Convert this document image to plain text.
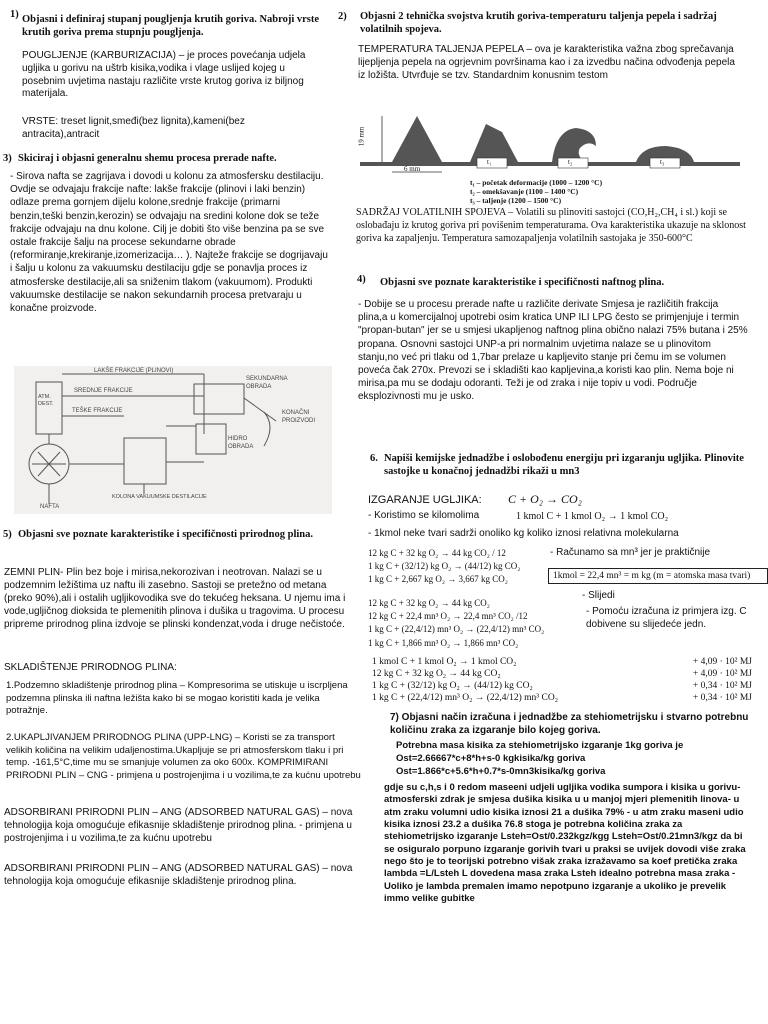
1) Objasni i definiraj stupanj pougljenja krutih goriva. Nabroji vrste krutih goriva prema stupnju pougljenja.
POUGLJENJE (KARBURIZACIJA) – je proces povećanja udjela ugljika u gorivu na uštrb kisika,vodika i vlage uslijed kojeg u posebnim uvjetima nastaju različite vrste krutog goriva iz biljnog materijala.
VRSTE: treset lignit,smeđi(bez lignita),kameni(bez antracita),antracit
3) Skiciraj i objasni generalnu shemu procesa prerade nafte.
- Sirova nafta se zagrijava i dovodi u kolonu za atmosfersku destilaciju. Ovdje se odvajaju frakcije nafte: lakše frakcije (plinovi i laki benzin) odlaze prema gornjem dijelu kolone,srednje frakcije (primarni benzin,teški benzin,kerozin) se odvajaju na sredini kolone dok se teže frakcije odvajaju na dnu kolone. Cilj je dobiti što više benzina pa se sve ostale frakcije šalju na procese sekundarne obrade (reformiranje,krekiranje,izomerizacija… ). Najteže frakcije se dogrijavaju i šalju u kolonu za vakuumsku destilaciju gdje se ponavlja proces iz atmosferske destilacije,ali sa sniženim tlakom (vakuumom). Produkti vakuumske destilacije se nakon sekundarnih procesa pretvaraju u konačne proizvode.
LAKŠE FRAKCIJE (PLINOVI)
ATM. DEST.
SREDNJE FRAKCIJE
TEŠKE FRAKCIJE
SEKUNDARNA OBRADA
KONAČNI PROIZVODI
HIDRO OBRADA
KOLONA VAKUUMSKE DESTILACIJE
NAFTA
5) Objasni sve poznate karakteristike i specifičnosti prirodnog plina.
ZEMNI PLIN- Plin bez boje i mirisa,nekorozivan i neotrovan. Nalazi se u podzemnim ležištima uz naftu ili zasebno. Sastoji se pretežno od metana (preko 90%),ali i ostalih ugljikovodika sve do tekućeg heksana. U njemu ima i vode,ugljičnog dioksida te plemenitih plinova i dušika u tragovima. U procesu pripreme prirodnog plina izdvoje se plinski kondenzat,voda i druge nečistoće.
SKLADIŠTENJE PRIRODNOG PLINA:
1.Podzemno skladištenje prirodnog plina – Kompresorima se utiskuje u iscrpljena podzemna plinska ili naftna ležišta kako bi se mogao koristiti kada je velika potražnje.
2.UKAPLJIVANJEM PRIRODNOG PLINA (UPP-LNG) – Koristi se za transport velikih količina na velikim udaljenostima.Ukapljuje se pri atmosferskom tlaku i pri temp. -161,5°C,time mu se smanjuje volumen za oko 600x. KOMPRIMIRANI PRIRODNI PLIN – CNG - primjena u postrojenjima i u vozilima,te za kućnu upotrebu
ADSORBIRANI PRIRODNI PLIN – ANG (ADSORBED NATURAL GAS) – nova tehnologija koja omogućuje efikasnije skladištenje prirodnog plina. - primjena u postrojenjima i u vozilima,te za kućnu upotrebu
ADSORBIRANI PRIRODNI PLIN – ANG (ADSORBED NATURAL GAS) – nova tehnologija koja omogućuje efikasnije skladištenje prirodnog plina.
2)	Objasni 2 tehnička svojstva krutih goriva-temperaturu taljenja pepela i sadržaj volatilnih spojeva.
TEMPERATURA TALJENJA PEPELA – ova je karakteristika važna zbog sprečavanja lijepljenja pepela na ogrjevnim površinama kao i za izvedbu načina odvođenja pepela iz ložišta. Utvrđuje se tzv. Standardnim konusnim testom
19 mm
6 mm
t₁	t₂	t₃
t₁ – početak deformacije (1000 – 1200 °C)
t₂ – omekšavanje (1100 – 1400 °C)
t₃ – taljenje (1200 – 1500 °C)
SADRŽAJ VOLATILNIH SPOJEVA – Volatili su plinoviti sastojci (CO,H₂,CH₄ i sl.) koji se oslobađaju iz krutog goriva pri povišenim temperaturama. Ova karakteristika ukazuje na sklonost goriva ka zapaljenju. Temperatura samozapaljenja volatilnih sastojaka je 350-600°C
4)	Objasni sve poznate karakteristike i specifičnosti naftnog plina.
- Dobije se u procesu prerade nafte u različite derivate Smjesa je različitih frakcija plina,a u komercijalnoj upotrebi osim kratica UNP ILI LPG često se primjenjuje i termin "propan-butan" jer se u smjesi ukapljenog naftnog plina obično nalazi 75% butana i 25% propana. Osnovni sastojci UNP-a pri normalnim uvjetima nalaze se u plinovitom stanju,no već pri tlaku od 1,7bar prelaze u kapljevito stanje pri čemu im se volumen poveća čak 270x. Prevozi se i skladišti kao kapljevina,a koristi kao plin. Nema boje ni mirisa,pa mu se dodaju odoranti. Teži je od zraka i nije topiv u vodi. Područje eksplozivnosti mu je usko.
6. Napiši kemijske jednadžbe i oslobođenu energiju pri izgaranju ugljika. Plinovite sastojke u konačnoj jednadžbi rikaži u mn3
IZGARANJE UGLJIKA: C + O₂ → CO₂
- Koristimo se kilomolima	1 kmol C + 1 kmol O₂ → 1 kmol CO₂
- 1kmol neke tvari sadrži onoliko kg koliko iznosi relativna molekularna
12 kg C + 32 kg O₂ → 44 kg CO₂ / 12
1 kg C + (32/12) kg O₂ → (44/12) kg CO₂
1 kg C + 2,667 kg O₂ → 3,667 kg CO₂
- Računamo sa mn³ jer je praktičnije
1kmol = 22,4 mn³ = m kg (m = atomska masa tvari)
12 kg C + 32 kg O₂ → 44 kg CO₂
12 kg C + 22,4 mn³ O₂ → 22,4 mn³ CO₂ /12
1 kg C + (22,4/12) mn³ O₂ → (22,4/12) mn³ CO₂
1 kg C + 1,866 mn³ O₂ → 1,866 mn³ CO₂
- Slijedi
- Pomoću izračuna iz primjera izg. C dobivene su slijedeće jedn.
1 kmol C + 1 kmol O₂ → 1 kmol CO₂	+ 4,09 · 10² MJ
12 kg C + 32 kg O₂ → 44 kg CO₂	+ 4,09 · 10² MJ
1 kg C + (32/12) kg O₂ → (44/12) kg CO₂	+ 0,34 · 10² MJ
1 kg C + (22,4/12) mn³ O₂ → (22,4/12) mn³ CO₂	+ 0,34 · 10² MJ
7) Objasni način izračuna i jednadžbe za stehiometrijsku i stvarno potrebnu količinu zraka za izgaranje bilo kojeg goriva.
Potrebna masa kisika za stehiometrijsko izgaranje 1kg goriva je
Ost=2.66667*c+8*h+s-0 kgkisika/kg goriva
Ost=1.866*c+5.6*h+0.7*s-0mn3kisika/kg goriva
gdje su c,h,s i 0 redom maseeni udjeli ugljika vodika sumpora i kisika u gorivu- atmosferski zdrak je smjesa dušika kisika u u manjoj mjeri plemenitih linova- u atm zraku volumni udio kisika iznosi 21 a dušika 79% - u atm zraku maseni udio kisika iznosi 23.2 a dušika 76.8 stoga je potrebna količina zraka za stehiometrijsko izgaranje Lsteh=Ost/0.232kgz/kgg Lsteh=Ost/0.21mn3/kgz da bi se osiguralo porpuno izgaranje gorivih tvari u praksi se uvijek dovodi više zraka nego što je to teorijski potrebno višak zraka izražavamo sa koef pretička zraka lambda =L/Lsteh L dovedena masa zraka Lsteh idealno potrebna masa zraka -Uoliko je lambda premalen imamo nepotpuno izgaranje a ukoliko je prevelik immo velike gubitke
